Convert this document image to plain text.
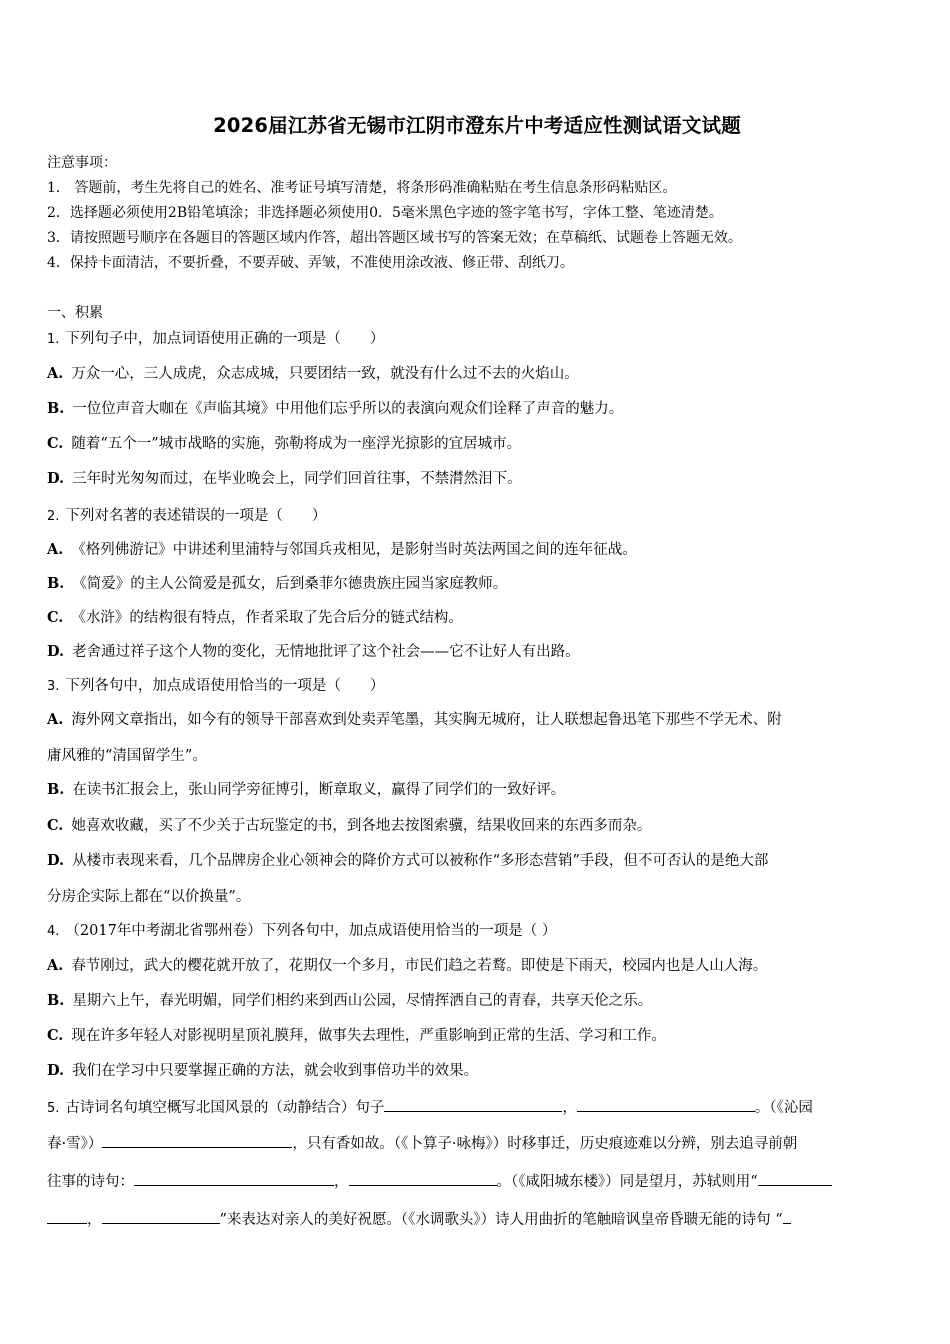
2026届江苏省无锡市江阴市澄东片中考适应性测试语文试题
注意事项：
1． 答题前，考生先将自己的姓名、准考证号填写清楚，将条形码准确粘贴在考生信息条形码粘贴区。
2．选择题必须使用2B铅笔填涂；非选择题必须使用0．5毫米黑色字迹的签字笔书写，字体工整、笔迹清楚。
3．请按照题号顺序在各题目的答题区域内作答，超出答题区域书写的答案无效；在草稿纸、试题卷上答题无效。
4．保持卡面清洁，不要折叠，不要弄破、弄皱，不准使用涂改液、修正带、刮纸刀。
一、积累
1. 下列句子中，加点词语使用正确的一项是（　　）
A. 万众一心，三人成虎，众志成城，只要团结一致，就没有什么过不去的火焰山。
B. 一位位声音大咖在《声临其境》中用他们忘乎所以的表演向观众们诠释了声音的魅力。
C. 随着“五个一”城市战略的实施，弥勒将成为一座浮光掠影的宜居城市。
D. 三年时光匆匆而过，在毕业晚会上，同学们回首往事，不禁潸然泪下。
2. 下列对名著的表述错误的一项是（　　）
A. 《格列佛游记》中讲述利里浦特与邻国兵戎相见，是影射当时英法两国之间的连年征战。
B. 《简爱》的主人公简爱是孤女，后到桑菲尔德贵族庄园当家庭教师。
C. 《水浒》的结构很有特点，作者采取了先合后分的链式结构。
D. 老舍通过祥子这个人物的变化，无情地批评了这个社会——它不让好人有出路。
3. 下列各句中，加点成语使用恰当的一项是（　　）
A. 海外网文章指出，如今有的领导干部喜欢到处卖弄笔墨，其实胸无城府，让人联想起鲁迅笔下那些不学无术、附
庸风雅的“清国留学生”。
B. 在读书汇报会上，张山同学旁征博引，断章取义，赢得了同学们的一致好评。
C. 她喜欢收藏，买了不少关于古玩鉴定的书，到各地去按图索骥，结果收回来的东西多而杂。
D. 从楼市表现来看，几个品牌房企业心领神会的降价方式可以被称作“多形态营销”手段，但不可否认的是绝大部
分房企实际上都在“以价换量”。
4. （2017年中考湖北省鄂州卷）下列各句中，加点成语使用恰当的一项是（ ）
A. 春节刚过，武大的樱花就开放了，花期仅一个多月，市民们趋之若鹜。即使是下雨天，校园内也是人山人海。
B. 星期六上午，春光明媚，同学们相约来到西山公园，尽情挥洒自己的青春，共享天伦之乐。
C. 现在许多年轻人对影视明星顶礼膜拜，做事失去理性，严重影响到正常的生活、学习和工作。
D. 我们在学习中只要掌握正确的方法，就会收到事倍功半的效果。
5. 古诗词名句填空概写北国风景的（动静结合）句子	，	。（《沁园
春·雪》）	，只有香如故。（《卜算子·咏梅》）时移事迁，历史痕迹难以分辨，别去追寻前朝
往事的诗句：	，	。（《咸阳城东楼》）同是望月，苏轼则用“
，	”来表达对亲人的美好祝愿。（《水调歌头》）诗人用曲折的笔触暗讽皇帝昏聩无能的诗句 “
